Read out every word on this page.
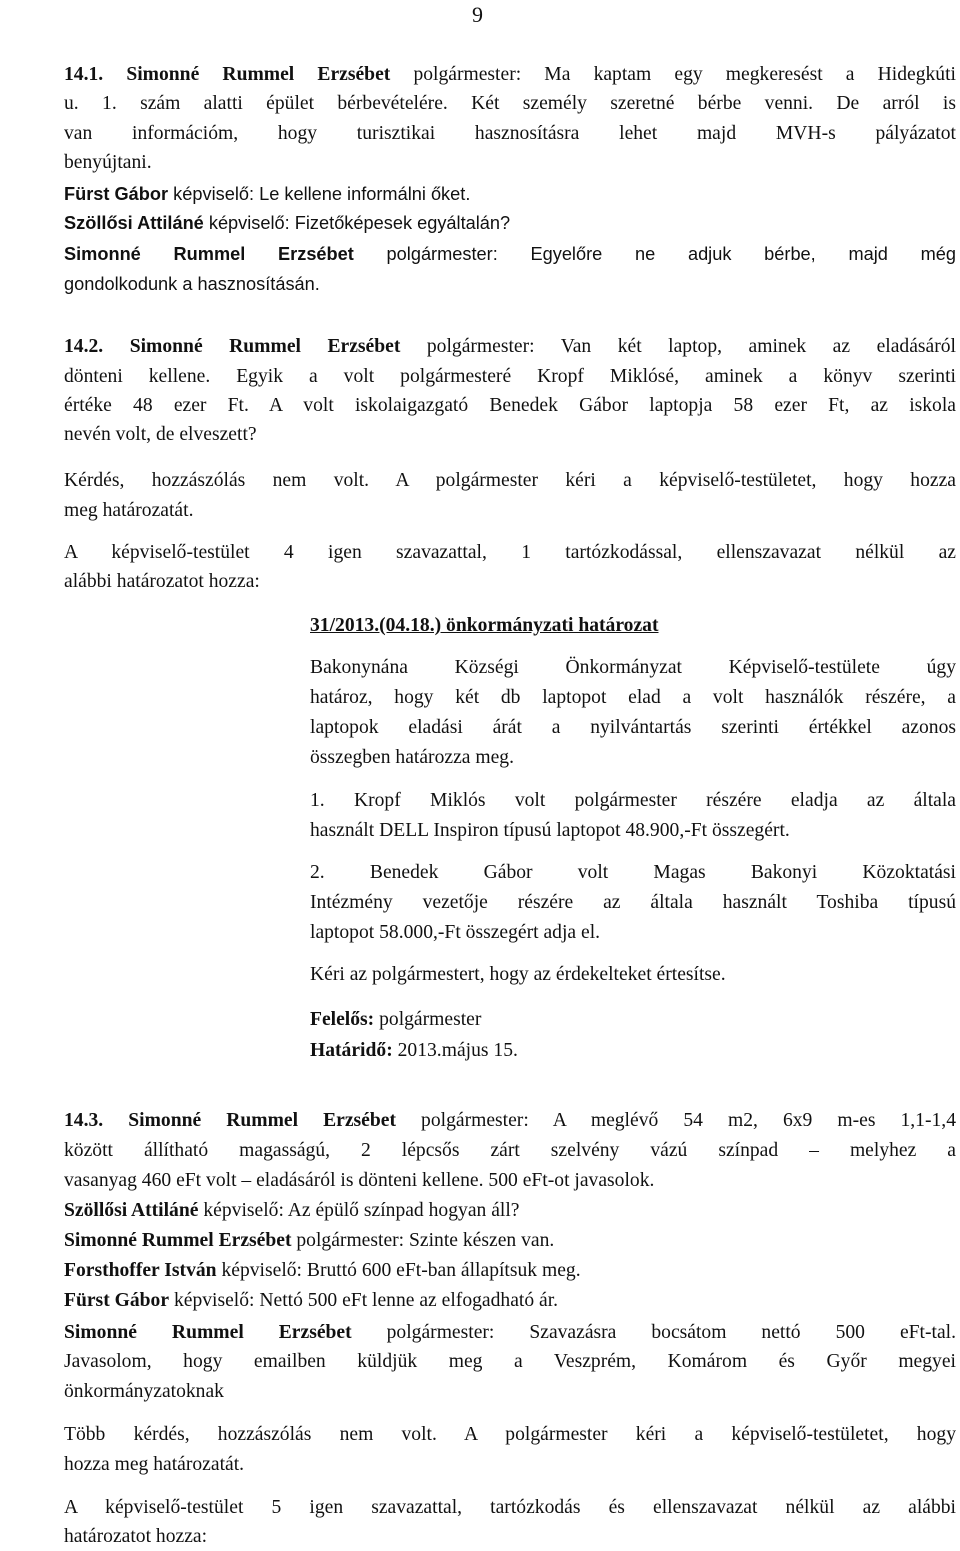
9
14.1. Simonné Rummel Erzsébet polgármester: Ma kaptam egy megkeresést a Hidegkúti
u. 1. szám alatti épület bérbevételére. Két személy szeretné bérbe venni. De arról is
van információm, hogy turisztikai hasznosításra lehet majd MVH-s pályázatot
benyújtani.
Fürst Gábor képviselő: Le kellene informálni őket.
Szöllősi Attiláné képviselő: Fizetőképesek egyáltalán?
Simonné Rummel Erzsébet polgármester: Egyelőre ne adjuk bérbe, majd még
gondolkodunk a hasznosításán.
14.2. Simonné Rummel Erzsébet polgármester: Van két laptop, aminek az eladásáról
dönteni kellene. Egyik a volt polgármesteré Kropf Miklósé, aminek a könyv szerinti
értéke 48 ezer Ft. A volt iskolaigazgató Benedek Gábor laptopja 58 ezer Ft, az iskola
nevén volt, de elveszett?
Kérdés, hozzászólás nem volt. A polgármester kéri a képviselő-testületet, hogy hozza
meg határozatát.
A képviselő-testület 4 igen szavazattal, 1 tartózkodással, ellenszavazat nélkül az
alábbi határozatot hozza:
31/2013.(04.18.) önkormányzati határozat
Bakonynána Községi Önkormányzat Képviselő-testülete úgy
határoz, hogy két db laptopot elad a volt használók részére, a
laptopok eladási árát a nyilvántartás szerinti értékkel azonos
összegben határozza meg.
1. Kropf Miklós volt polgármester részére eladja az általa
használt DELL Inspiron típusú laptopot 48.900,-Ft összegért.
2. Benedek Gábor volt Magas Bakonyi Közoktatási
Intézmény vezetője részére az általa használt Toshiba típusú
laptopot 58.000,-Ft összegért adja el.
Kéri az polgármestert, hogy az érdekelteket értesítse.
Felelős: polgármester
Határidő: 2013.május 15.
14.3. Simonné Rummel Erzsébet polgármester: A meglévő 54 m2, 6x9 m-es 1,1-1,4
között állítható magasságú, 2 lépcsős zárt szelvény vázú színpad – melyhez a
vasanyag 460 eFt volt – eladásáról is dönteni kellene. 500 eFt-ot javasolok.
Szöllősi Attiláné képviselő: Az épülő színpad hogyan áll?
Simonné Rummel Erzsébet polgármester: Szinte készen van.
Forsthoffer István képviselő: Bruttó 600 eFt-ban állapítsuk meg.
Fürst Gábor képviselő: Nettó 500 eFt lenne az elfogadható ár.
Simonné Rummel Erzsébet polgármester: Szavazásra bocsátom nettó 500 eFt-tal.
Javasolom, hogy emailben küldjük meg a Veszprém, Komárom és Győr megyei
önkormányzatoknak
Több kérdés, hozzászólás nem volt. A polgármester kéri a képviselő-testületet, hogy
hozza meg határozatát.
A képviselő-testület 5 igen szavazattal, tartózkodás és ellenszavazat nélkül az alábbi
határozatot hozza:
